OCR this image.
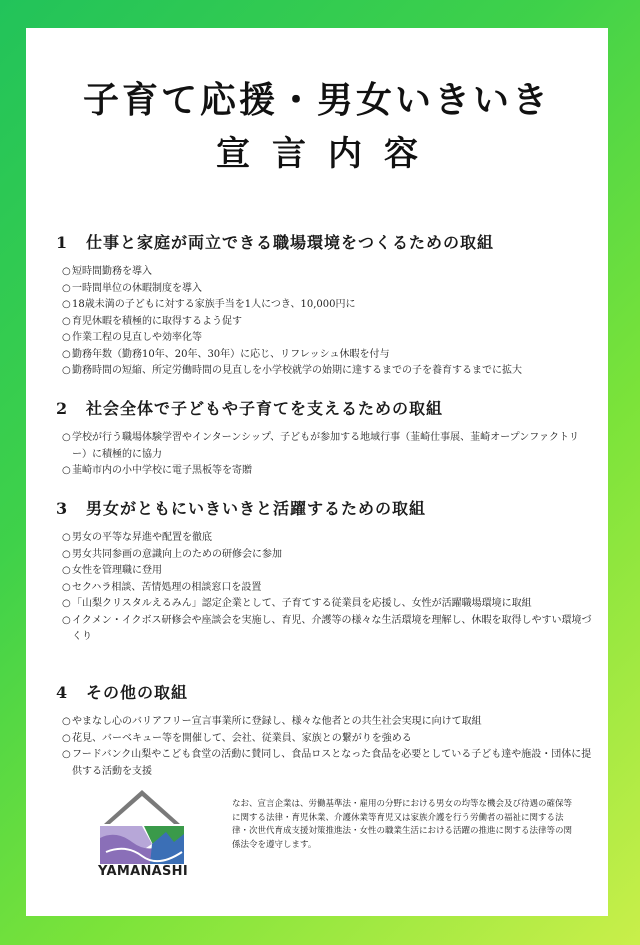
子育て応援・男女いきいき
宣言内容
1 仕事と家庭が両立できる職場環境をつくるための取組
○短時間勤務を導入
○一時間単位の休暇制度を導入
○18歳未満の子どもに対する家族手当を1人につき、10,000円に
○育児休暇を積極的に取得するよう促す
○作業工程の見直しや効率化等
○勤務年数（勤務10年、20年、30年）に応じ、リフレッシュ休暇を付与
○勤務時間の短縮、所定労働時間の見直しを小学校就学の始期に達するまでの子を養育するまでに拡大
2 社会全体で子どもや子育てを支えるための取組
○学校が行う職場体験学習やインターンシップ、子どもが参加する地域行事（韮崎仕事展、韮崎オープンファクトリー）に積極的に協力
○韮崎市内の小中学校に電子黒板等を寄贈
3 男女がともにいきいきと活躍するための取組
○男女の平等な昇進や配置を徹底
○男女共同参画の意識向上のための研修会に参加
○女性を管理職に登用
○セクハラ相談、苦情処理の相談窓口を設置
○「山梨クリスタルえるみん」認定企業として、子育てする従業員を応援し、女性が活躍職場環境に取組
○イクメン・イクボス研修会や座談会を実施し、育児、介護等の様々な生活環境を理解し、休暇を取得しやすい環境づくり
4 その他の取組
○やまなし心のバリアフリー宣言事業所に登録し、様々な他者との共生社会実現に向けて取組
○花見、バーベキュー等を開催して、会社、従業員、家族との繋がりを強める
○フードバンク山梨やこども食堂の活動に賛同し、食品ロスとなった食品を必要としている子ども達や施設・団体に提供する活動を支援
YAMANASHI
なお、宣言企業は、労働基準法・雇用の分野における男女の均等な機会及び待遇の確保等に関する法律・育児休業、介護休業等育児又は家族介護を行う労働者の福祉に関する法律・次世代育成支援対策推進法・女性の職業生活における活躍の推進に関する法律等の関係法令を遵守します。
